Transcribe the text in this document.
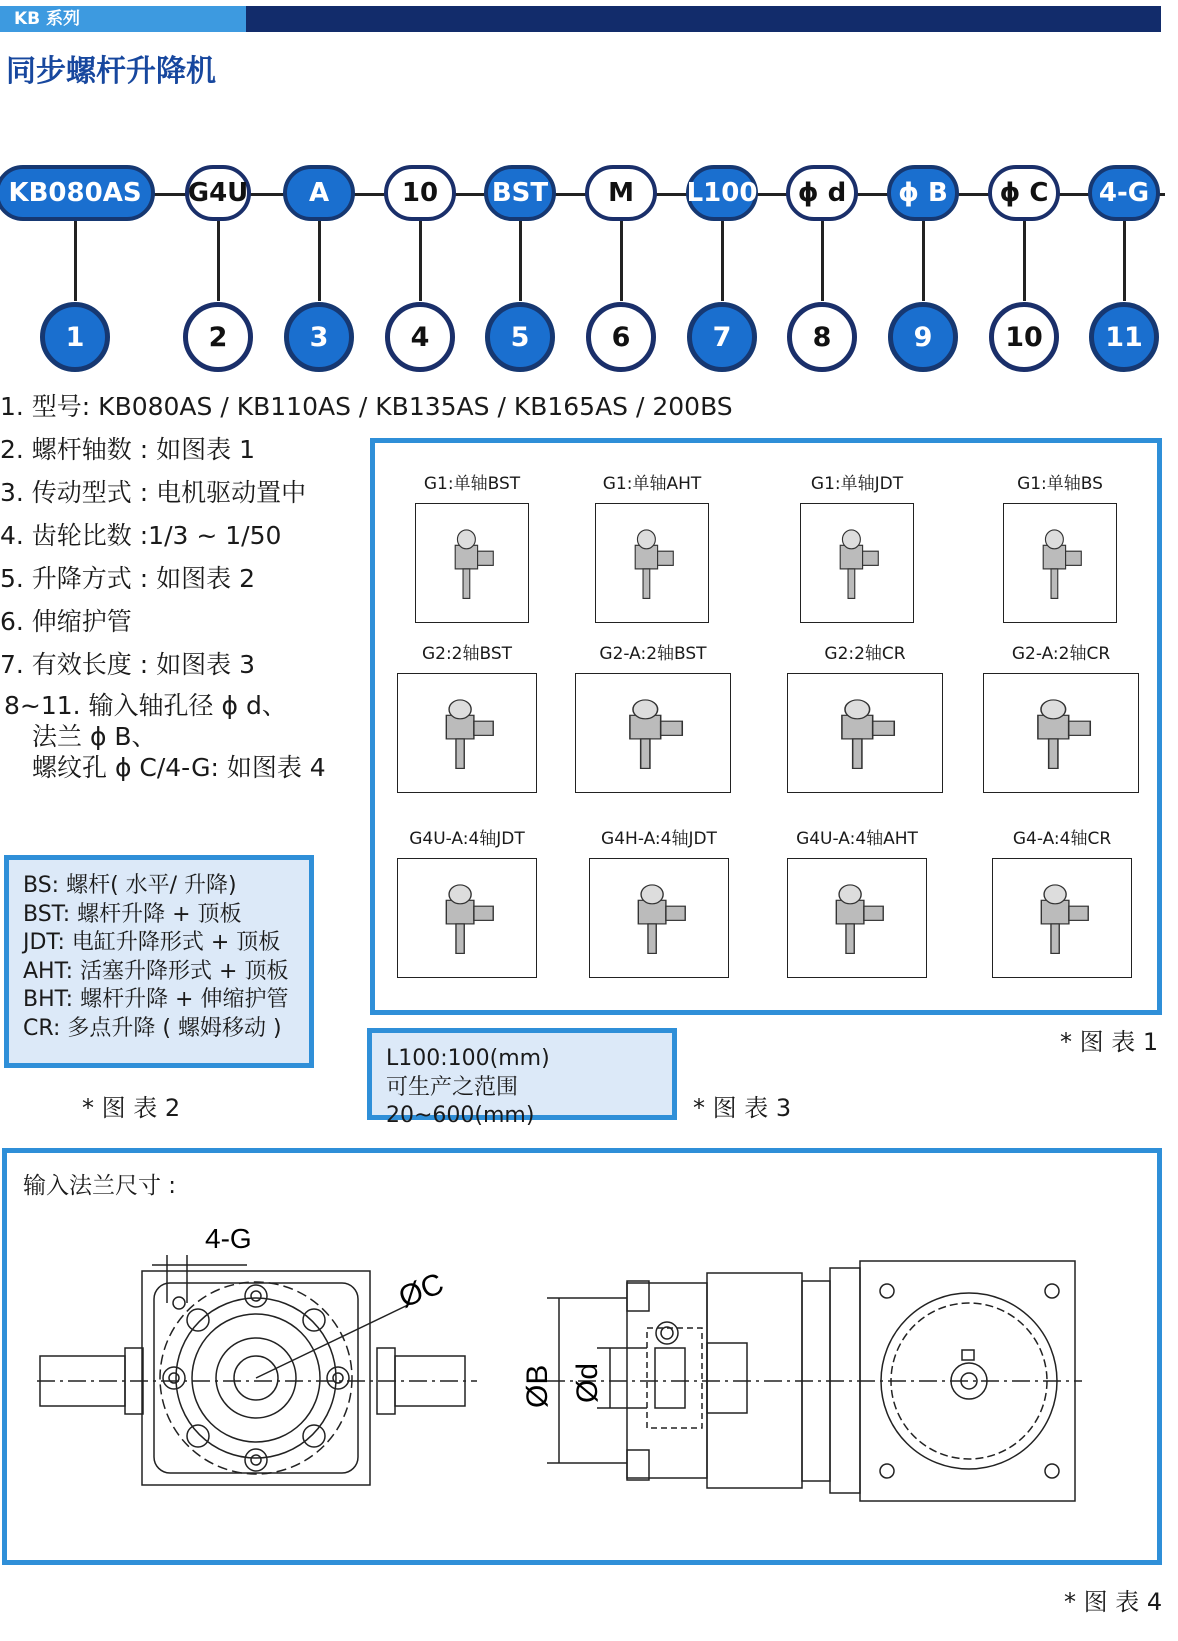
KB 系列
同步螺杆升降机
KB080AS
1
G4U
2
A
3
10
4
BST
5
M
6
L100
7
ϕ d
8
ϕ B
9
ϕ C
10
4-G
11
1. 型号: KB080AS / KB110AS / KB135AS / KB165AS / 200BS
2. 螺杆轴数 : 如图表 1
3. 传动型式 : 电机驱动置中
4. 齿轮比数 :1/3 ~ 1/50
5. 升降方式 : 如图表 2
6. 伸缩护管
7. 有效长度 : 如图表 3
8~11. 输入轴孔径 ϕ d、
法兰 ϕ B、
螺纹孔 ϕ C/4-G: 如图表 4
G1:单轴BST	G1:单轴AHT	G1:单轴JDT	G1:单轴BS
G2:2轴BST	G2-A:2轴BST	G2:2轴CR	G2-A:2轴CR
G4U-A:4轴JDT	G4H-A:4轴JDT	G4U-A:4轴AHT	G4-A:4轴CR
* 图 表 1
BS: 螺杆( 水平/ 升降)
BST: 螺杆升降 + 顶板
JDT: 电缸升降形式 + 顶板
AHT: 活塞升降形式 + 顶板
BHT: 螺杆升降 + 伸缩护管
CR: 多点升降 ( 螺姆移动 )
* 图 表 2
L100:100(mm)
可生产之范围 20~600(mm)	* 图 表 3
输入法兰尺寸 :
4-G
ØC
ØB Ød
* 图 表 4
